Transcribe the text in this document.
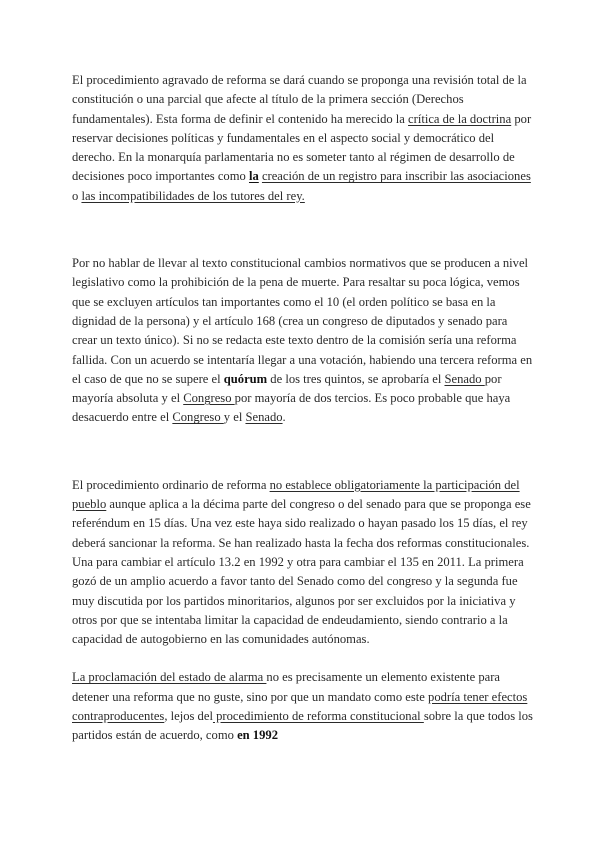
El procedimiento agravado de reforma se dará cuando se proponga una revisión total de la constitución o una parcial que afecte al título de la primera sección (Derechos fundamentales). Esta forma de definir el contenido ha merecido la crítica de la doctrina por reservar decisiones políticas y fundamentales en el aspecto social y democrático del derecho. En la monarquía parlamentaria no es someter tanto al régimen de desarrollo de decisiones poco importantes como la creación de un registro para inscribir las asociaciones o las incompatibilidades de los tutores del rey.

Por no hablar de llevar al texto constitucional cambios normativos que se producen a nivel legislativo como la prohibición de la pena de muerte. Para resaltar su poca lógica, vemos que se excluyen artículos tan importantes como el 10 (el orden político se basa en la dignidad de la persona) y el artículo 168 (crea un congreso de diputados y senado para crear un texto único). Si no se redacta este texto dentro de la comisión sería una reforma fallida. Con un acuerdo se intentaría llegar a una votación, habiendo una tercera reforma en el caso de que no se supere el quórum de los tres quintos, se aprobaría el Senado por mayoría absoluta y el Congreso por mayoría de dos tercios. Es poco probable que haya desacuerdo entre el Congreso y el Senado.

El procedimiento ordinario de reforma no establece obligatoriamente la participación del pueblo aunque aplica a la décima parte del congreso o del senado para que se proponga ese referéndum en 15 días. Una vez este haya sido realizado o hayan pasado los 15 días, el rey deberá sancionar la reforma. Se han realizado hasta la fecha dos reformas constitucionales. Una para cambiar el artículo 13.2 en 1992 y otra para cambiar el 135 en 2011. La primera gozó de un amplio acuerdo a favor tanto del Senado como del congreso y la segunda fue muy discutida por los partidos minoritarios, algunos por ser excluidos por la iniciativa y otros por que se intentaba limitar la capacidad de endeudamiento, siendo contrario a la capacidad de autogobierno en las comunidades autónomas.

La proclamación del estado de alarma no es precisamente un elemento existente para detener una reforma que no guste, sino por que un mandato como este podría tener efectos contraproducentes, lejos del procedimiento de reforma constitucional sobre la que todos los partidos están de acuerdo, como en 1992
